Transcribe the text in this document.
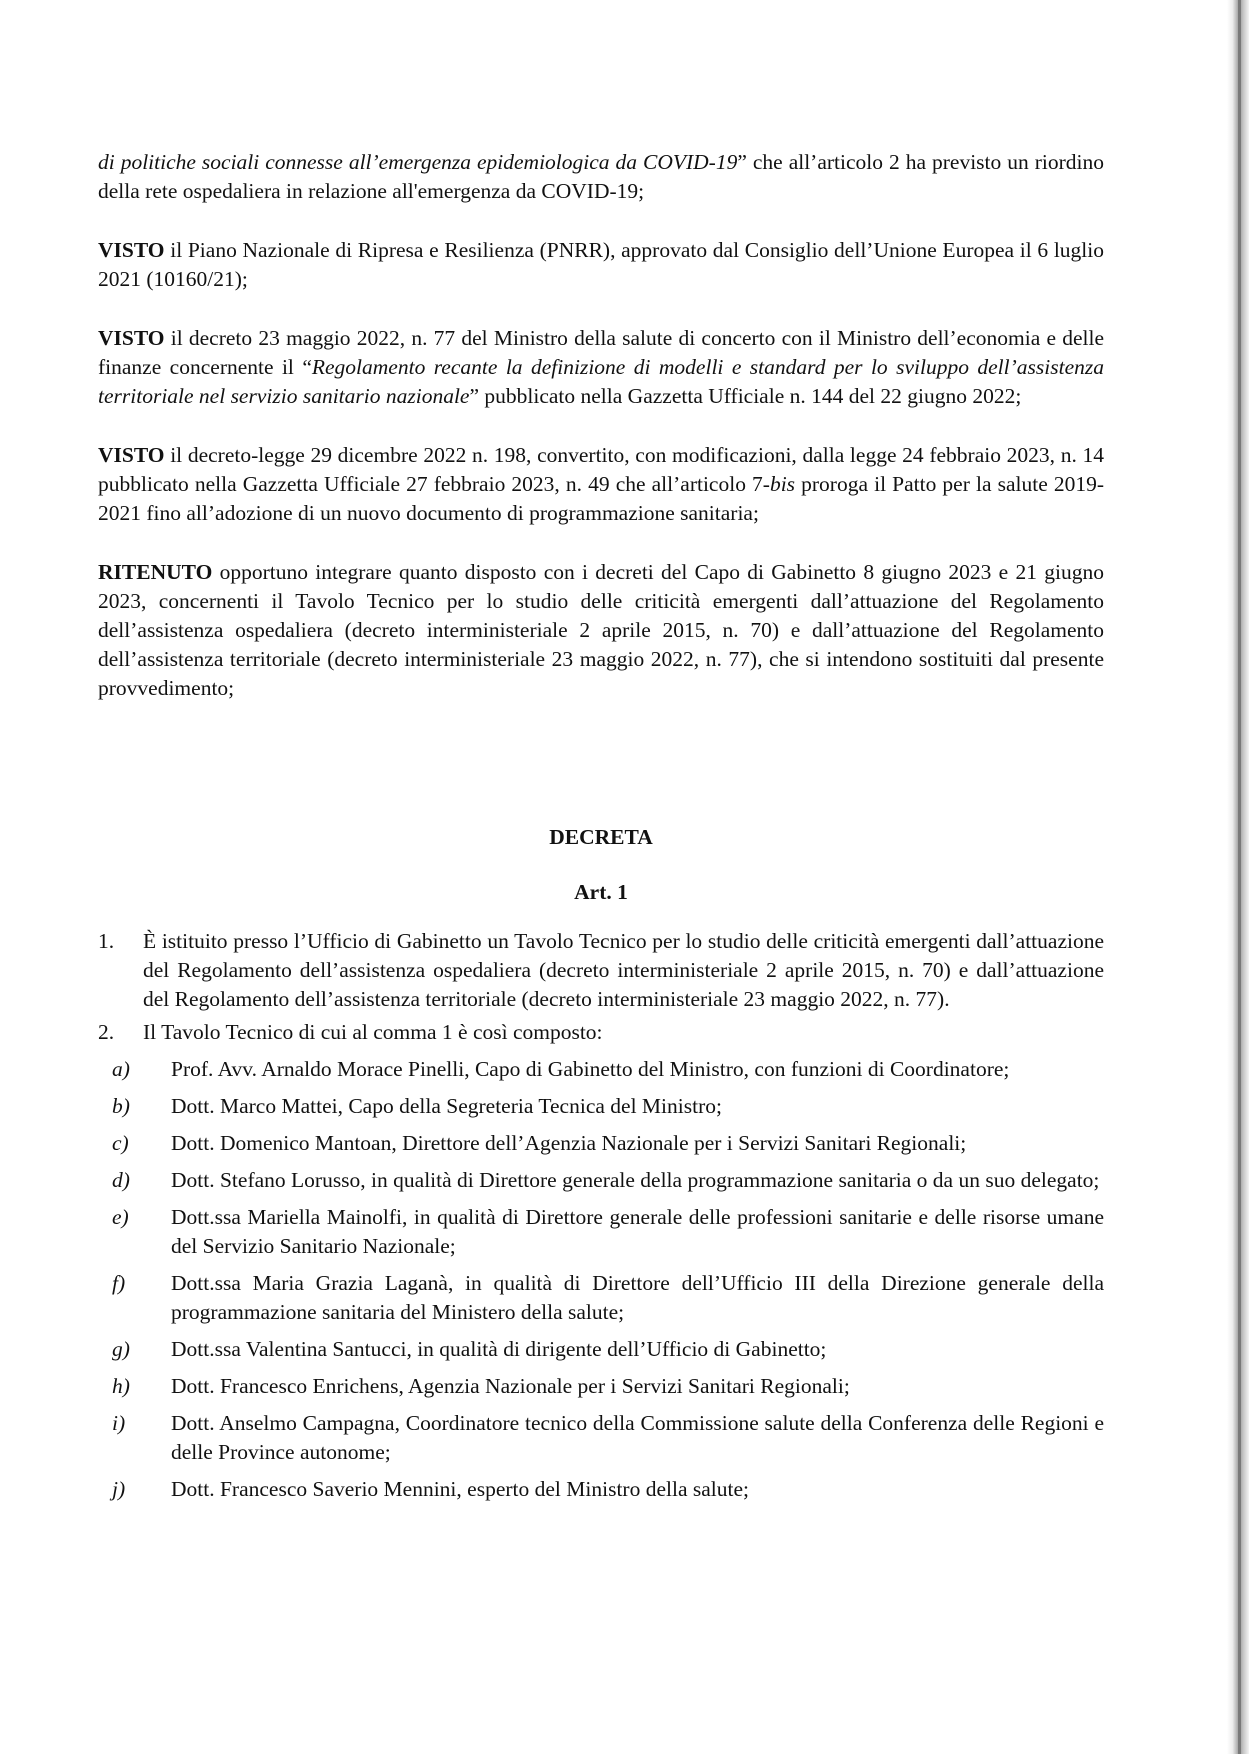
di politiche sociali connesse all’emergenza epidemiologica da COVID-19” che all’articolo 2 ha previsto un riordino della rete ospedaliera in relazione all'emergenza da COVID-19;

VISTO il Piano Nazionale di Ripresa e Resilienza (PNRR), approvato dal Consiglio dell’Unione Europea il 6 luglio 2021 (10160/21);

VISTO il decreto 23 maggio 2022, n. 77 del Ministro della salute di concerto con il Ministro dell’economia e delle finanze concernente il “Regolamento recante la definizione di modelli e standard per lo sviluppo dell’assistenza territoriale nel servizio sanitario nazionale” pubblicato nella Gazzetta Ufficiale n. 144 del 22 giugno 2022;

VISTO il decreto-legge 29 dicembre 2022 n. 198, convertito, con modificazioni, dalla legge 24 febbraio 2023, n. 14 pubblicato nella Gazzetta Ufficiale 27 febbraio 2023, n. 49 che all’articolo 7-bis proroga il Patto per la salute 2019-2021 fino all’adozione di un nuovo documento di programmazione sanitaria;

RITENUTO opportuno integrare quanto disposto con i decreti del Capo di Gabinetto 8 giugno 2023 e 21 giugno 2023, concernenti il Tavolo Tecnico per lo studio delle criticità emergenti dall’attuazione del Regolamento dell’assistenza ospedaliera (decreto interministeriale 2 aprile 2015, n. 70) e dall’attuazione del Regolamento dell’assistenza territoriale (decreto interministeriale 23 maggio 2022, n. 77), che si intendono sostituiti dal presente provvedimento;

DECRETA

Art. 1

1. È istituito presso l’Ufficio di Gabinetto un Tavolo Tecnico per lo studio delle criticità emergenti dall’attuazione del Regolamento dell’assistenza ospedaliera (decreto interministeriale 2 aprile 2015, n. 70) e dall’attuazione del Regolamento dell’assistenza territoriale (decreto interministeriale 23 maggio 2022, n. 77).
2. Il Tavolo Tecnico di cui al comma 1 è così composto:
a) Prof. Avv. Arnaldo Morace Pinelli, Capo di Gabinetto del Ministro, con funzioni di Coordinatore;
b) Dott. Marco Mattei, Capo della Segreteria Tecnica del Ministro;
c) Dott. Domenico Mantoan, Direttore dell’Agenzia Nazionale per i Servizi Sanitari Regionali;
d) Dott. Stefano Lorusso, in qualità di Direttore generale della programmazione sanitaria o da un suo delegato;
e) Dott.ssa Mariella Mainolfi, in qualità di Direttore generale delle professioni sanitarie e delle risorse umane del Servizio Sanitario Nazionale;
f) Dott.ssa Maria Grazia Laganà, in qualità di Direttore dell’Ufficio III della Direzione generale della programmazione sanitaria del Ministero della salute;
g) Dott.ssa Valentina Santucci, in qualità di dirigente dell’Ufficio di Gabinetto;
h) Dott. Francesco Enrichens, Agenzia Nazionale per i Servizi Sanitari Regionali;
i) Dott. Anselmo Campagna, Coordinatore tecnico della Commissione salute della Conferenza delle Regioni e delle Province autonome;
j) Dott. Francesco Saverio Mennini, esperto del Ministro della salute;
